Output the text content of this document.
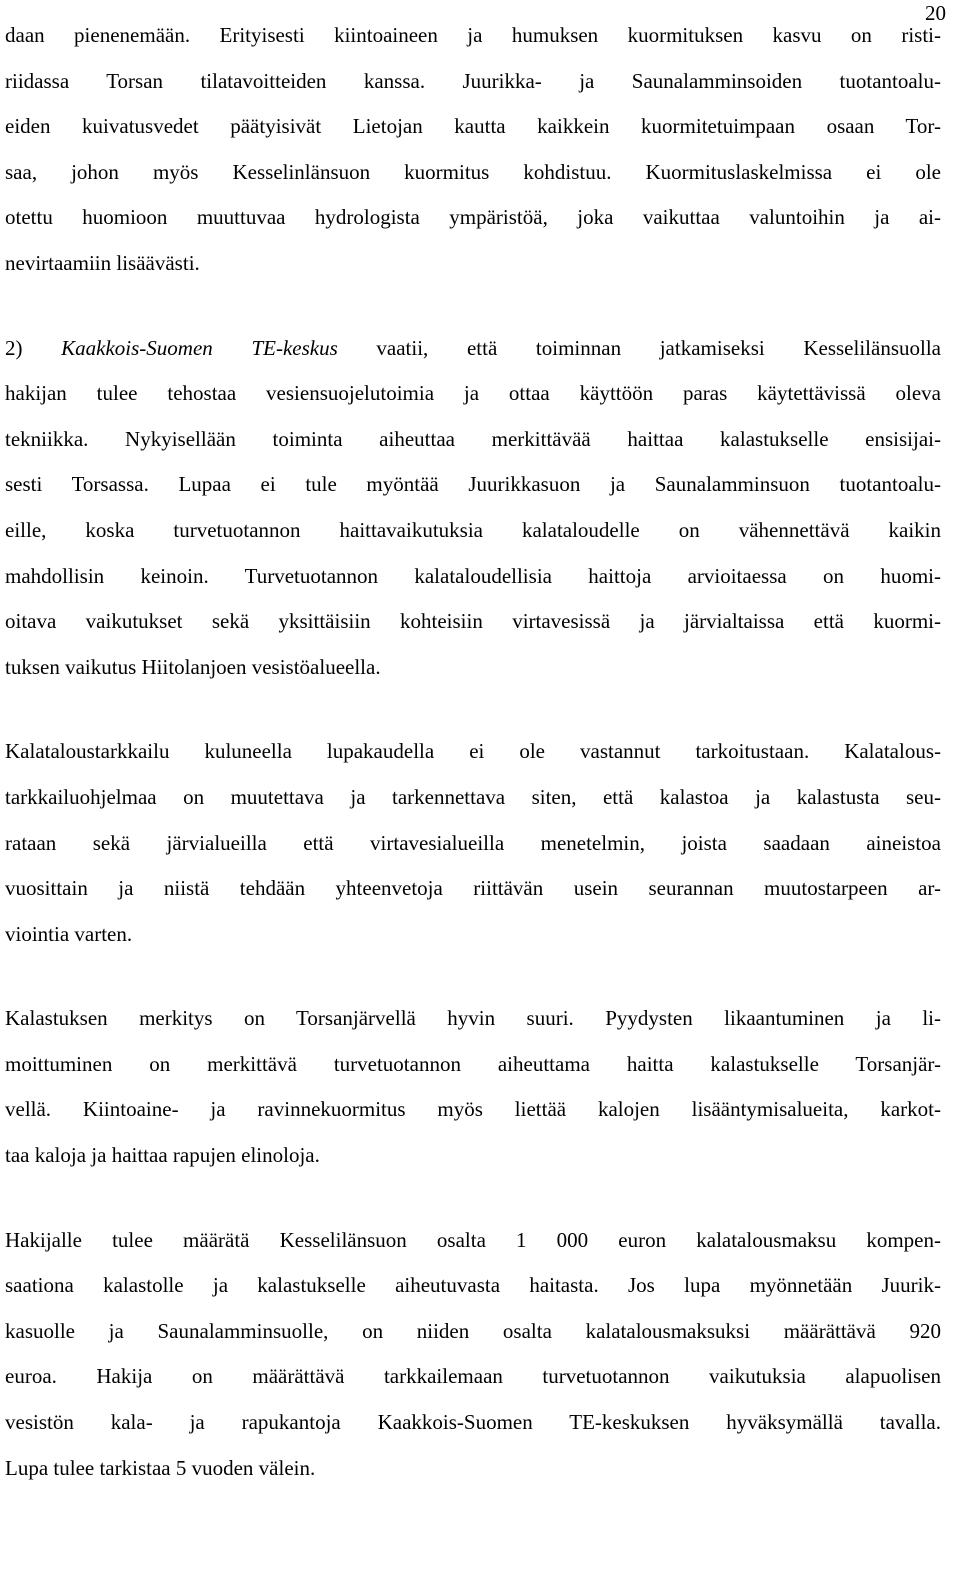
20

daan pienenemään. Erityisesti kiintoaineen ja humuksen kuormituksen kasvu on risti-
riidassa Torsan tilatavoitteiden kanssa. Juurikka- ja Saunalamminsoiden tuotantoalu-
eiden kuivatusvedet päätyisivät Lietojan kautta kaikkein kuormitetuimpaan osaan Tor-
saa, johon myös Kesselinlänsuon kuormitus kohdistuu. Kuormituslaskelmissa ei ole
otettu huomioon muuttuvaa hydrologista ympäristöä, joka vaikuttaa valuntoihin ja ai-
nevirtaamiin lisäävästi.

2) Kaakkois-Suomen TE-keskus vaatii, että toiminnan jatkamiseksi Kesselilänsuolla
hakijan tulee tehostaa vesiensuojelutoimia ja ottaa käyttöön paras käytettävissä oleva
tekniikka. Nykyisellään toiminta aiheuttaa merkittävää haittaa kalastukselle ensisijai-
sesti Torsassa. Lupaa ei tule myöntää Juurikkasuon ja Saunalamminsuon tuotantoalu-
eille, koska turvetuotannon haittavaikutuksia kalataloudelle on vähennettävä kaikin
mahdollisin keinoin. Turvetuotannon kalataloudellisia haittoja arvioitaessa on huomi-
oitava vaikutukset sekä yksittäisiin kohteisiin virtavesissä ja järvialtaissa että kuormi-
tuksen vaikutus Hiitolanjoen vesistöalueella.

Kalataloustarkkailu kuluneella lupakaudella ei ole vastannut tarkoitustaan. Kalatalous-
tarkkailuohjelmaa on muutettava ja tarkennettava siten, että kalastoa ja kalastusta seu-
rataan sekä järvialueilla että virtavesialueilla menetelmin, joista saadaan aineistoa
vuosittain ja niistä tehdään yhteenvetoja riittävän usein seurannan muutostarpeen ar-
viointia varten.

Kalastuksen merkitys on Torsanjärvellä hyvin suuri. Pyydysten likaantuminen ja li-
moittuminen on merkittävä turvetuotannon aiheuttama haitta kalastukselle Torsanjär-
vellä. Kiintoaine- ja ravinnekuormitus myös liettää kalojen lisääntymisalueita, karkot-
taa kaloja ja haittaa rapujen elinoloja.

Hakijalle tulee määrätä Kesselilänsuon osalta 1 000 euron kalatalousmaksu kompen-
saationa kalastolle ja kalastukselle aiheutuvasta haitasta. Jos lupa myönnetään Juurik-
kasuolle ja Saunalamminsuolle, on niiden osalta kalatalousmaksuksi määrättävä 920
euroa. Hakija on määrättävä tarkkailemaan turvetuotannon vaikutuksia alapuolisen
vesistön kala- ja rapukantoja Kaakkois-Suomen TE-keskuksen hyväksymällä tavalla.
Lupa tulee tarkistaa 5 vuoden välein.
